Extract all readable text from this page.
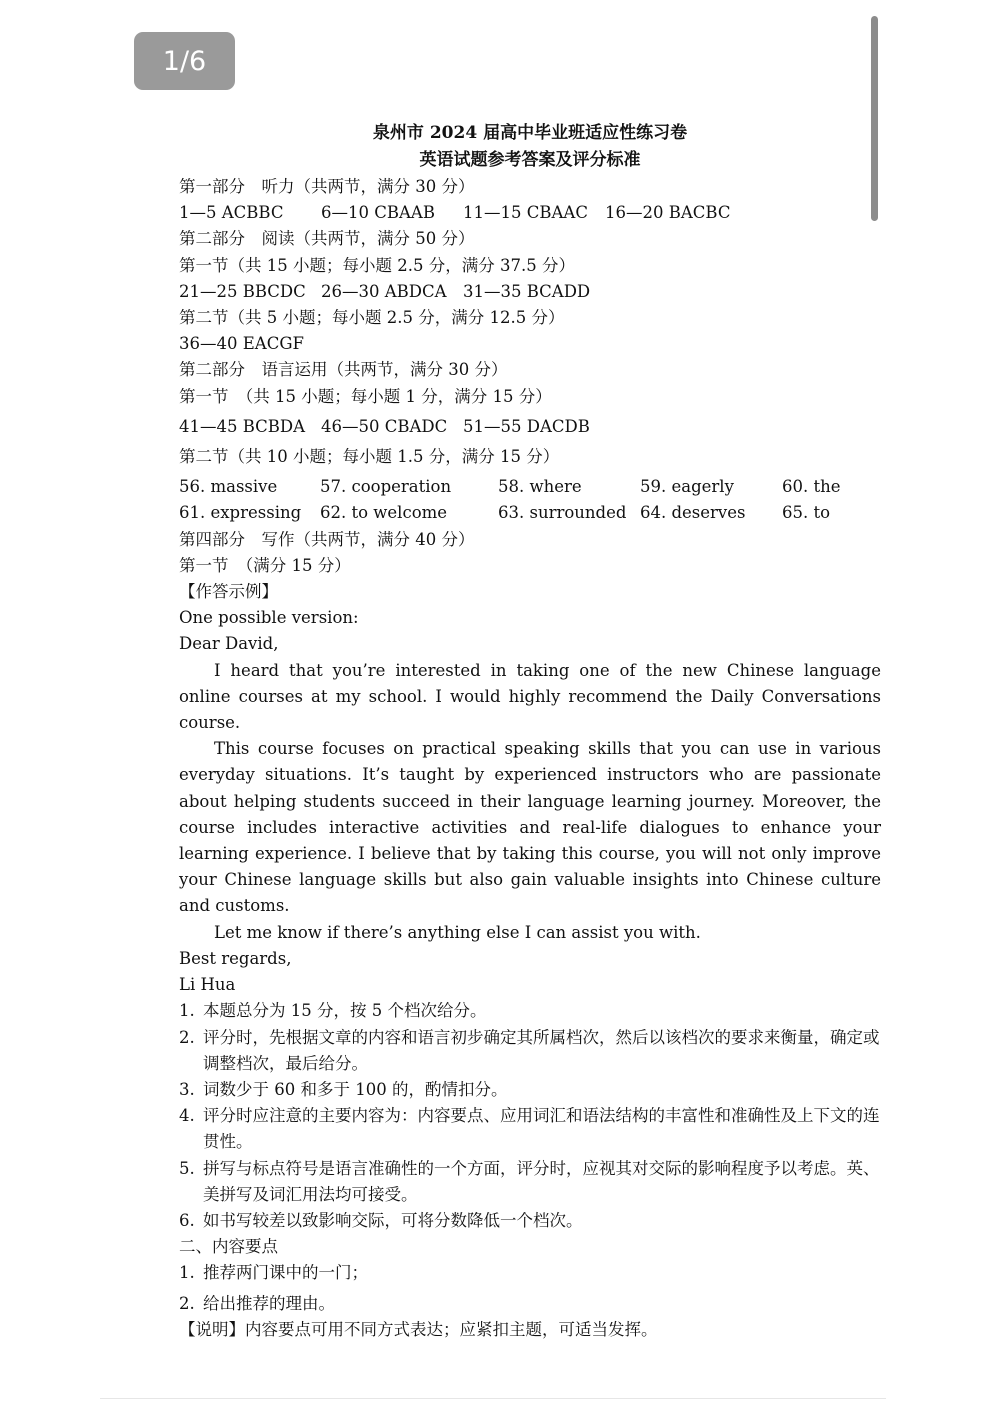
1/6
泉州市 2024 届高中毕业班适应性练习卷
英语试题参考答案及评分标准
第一部分　听力（共两节，满分 30 分）
1—5 ACBBC	6—10 CBAAB	11—15 CBAAC	16—20 BACBC
第二部分　阅读（共两节，满分 50 分）
第一节（共 15 小题；每小题 2.5 分，满分 37.5 分）
21—25 BBCDC 26—30 ABDCA 31—35 BCADD
第二节（共 5 小题；每小题 2.5 分，满分 12.5 分）
36—40 EACGF
第二部分　语言运用（共两节，满分 30 分）
第一节　（共 15 小题；每小题 1 分，满分 15 分）
41—45 BCBDA 46—50 CBADC 51—55 DACDB
第二节（共 10 小题；每小题 1.5 分，满分 15 分）
56. massive	57. cooperation	58. where	59. eagerly	60. the
61. expressing	62. to welcome	63. surrounded 64. deserves	65. to
第四部分　写作（共两节，满分 40 分）
第一节　（满分 15 分）
【作答示例】
One possible version:
Dear David,
I heard that you’re interested in taking one of the new Chinese language online courses at my school. I would highly recommend the Daily Conversations course.
This course focuses on practical speaking skills that you can use in various everyday situations. It’s taught by experienced instructors who are passionate about helping students succeed in their language learning journey. Moreover, the course includes interactive activities and real-life dialogues to enhance your learning experience. I believe that by taking this course, you will not only improve your Chinese language skills but also gain valuable insights into Chinese culture and customs.
Let me know if there’s anything else I can assist you with.
Best regards,
Li Hua
1. 本题总分为 15 分，按 5 个档次给分。
2. 评分时，先根据文章的内容和语言初步确定其所属档次，然后以该档次的要求来衡量，确定或调整档次，最后给分。
3. 词数少于 60 和多于 100 的，酌情扣分。
4. 评分时应注意的主要内容为：内容要点、应用词汇和语法结构的丰富性和准确性及上下文的连贯性。
5. 拼写与标点符号是语言准确性的一个方面，评分时，应视其对交际的影响程度予以考虑。英、美拼写及词汇用法均可接受。
6. 如书写较差以致影响交际，可将分数降低一个档次。
二、内容要点
1. 推荐两门课中的一门；
2. 给出推荐的理由。
【说明】内容要点可用不同方式表达；应紧扣主题，可适当发挥。
